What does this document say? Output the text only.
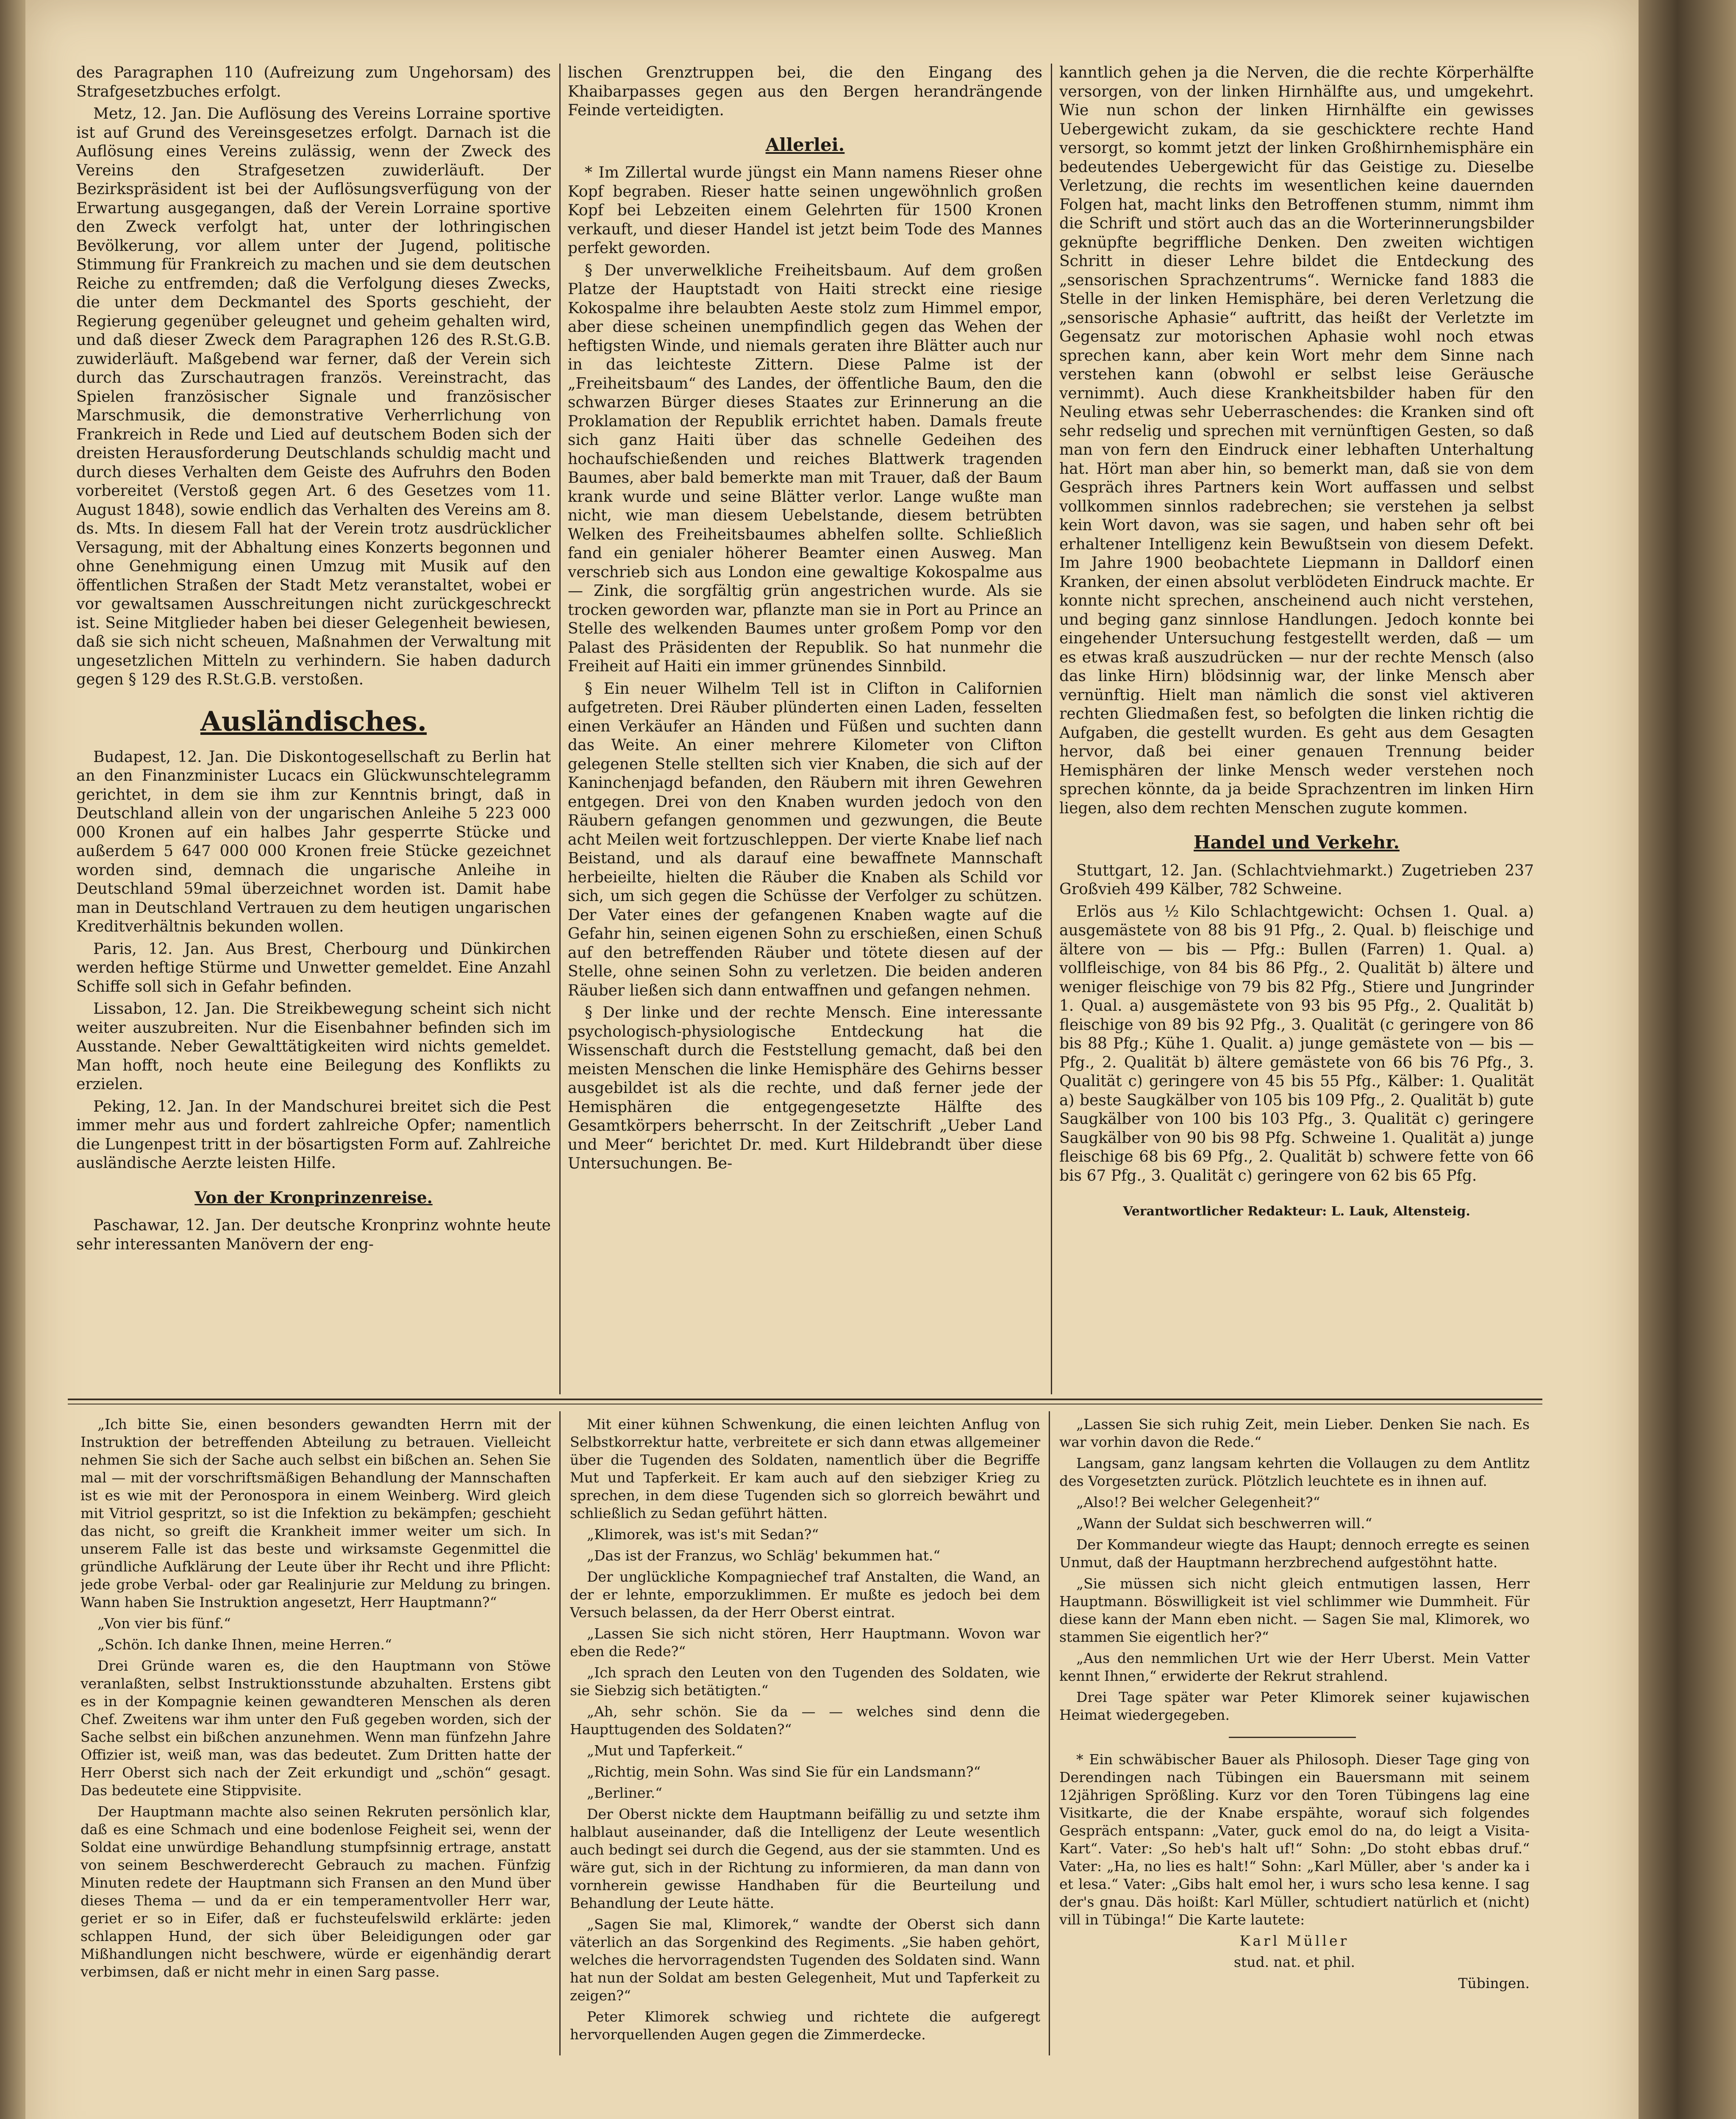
des Paragraphen 110 (Aufreizung zum Ungehorsam) des Strafgesetzbuches erfolgt.

Metz, 12. Jan. Die Auflösung des Vereins Lorraine sportive ist auf Grund des Vereinsgesetzes erfolgt. Darnach ist die Auflösung eines Vereins zulässig, wenn der Zweck des Vereins den Strafgesetzen zuwiderläuft. Der Bezirkspräsident ist bei der Auflösungsverfügung von der Erwartung ausgegangen, daß der Verein Lorraine sportive den Zweck verfolgt hat, unter der lothringischen Bevölkerung, vor allem unter der Jugend, politische Stimmung für Frankreich zu machen und sie dem deutschen Reiche zu entfremden; daß die Verfolgung dieses Zwecks, die unter dem Deckmantel des Sports geschieht, der Regierung gegenüber geleugnet und geheim gehalten wird, und daß dieser Zweck dem Paragraphen 126 des R.St.G.B. zuwiderläuft. Maßgebend war ferner, daß der Verein sich durch das Zurschautragen französ. Vereinstracht, das Spielen französischer Signale und französischer Marschmusik, die demonstrative Verherrlichung von Frankreich in Rede und Lied auf deutschem Boden sich der dreisten Herausforderung Deutschlands schuldig macht und durch dieses Verhalten dem Geiste des Aufruhrs den Boden vorbereitet (Verstoß gegen Art. 6 des Gesetzes vom 11. August 1848), sowie endlich das Verhalten des Vereins am 8. ds. Mts. In diesem Fall hat der Verein trotz ausdrücklicher Versagung, mit der Abhaltung eines Konzerts begonnen und ohne Genehmigung einen Umzug mit Musik auf den öffentlichen Straßen der Stadt Metz veranstaltet, wobei er vor gewaltsamen Ausschreitungen nicht zurückgeschreckt ist. Seine Mitglieder haben bei dieser Gelegenheit bewiesen, daß sie sich nicht scheuen, Maßnahmen der Verwaltung mit ungesetzlichen Mitteln zu verhindern. Sie haben dadurch gegen § 129 des R.St.G.B. verstoßen.

Ausländisches.

Budapest, 12. Jan. Die Diskontogesellschaft zu Berlin hat an den Finanzminister Lucacs ein Glückwunschtelegramm gerichtet, in dem sie ihm zur Kenntnis bringt, daß in Deutschland allein von der ungarischen Anleihe 5 223 000 000 Kronen auf ein halbes Jahr gesperrte Stücke und außerdem 5 647 000 000 Kronen freie Stücke gezeichnet worden sind, demnach die ungarische Anleihe in Deutschland 59mal überzeichnet worden ist. Damit habe man in Deutschland Vertrauen zu dem heutigen ungarischen Kreditverhältnis bekunden wollen.

Paris, 12. Jan. Aus Brest, Cherbourg und Dünkirchen werden heftige Stürme und Unwetter gemeldet. Eine Anzahl Schiffe soll sich in Gefahr befinden.

Lissabon, 12. Jan. Die Streikbewegung scheint sich nicht weiter auszubreiten. Nur die Eisenbahner befinden sich im Ausstande. Neber Gewalttätigkeiten wird nichts gemeldet. Man hofft, noch heute eine Beilegung des Konflikts zu erzielen.

Peking, 12. Jan. In der Mandschurei breitet sich die Pest immer mehr aus und fordert zahlreiche Opfer; namentlich die Lungenpest tritt in der bösartigsten Form auf. Zahlreiche ausländische Aerzte leisten Hilfe.

Von der Kronprinzenreise.

Paschawar, 12. Jan. Der deutsche Kronprinz wohnte heute sehr interessanten Manövern der eng-

lischen Grenztruppen bei, die den Eingang des Khaibarpasses gegen aus den Bergen herandrängende Feinde verteidigten.

Allerlei.

* Im Zillertal wurde jüngst ein Mann namens Rieser ohne Kopf begraben. Rieser hatte seinen ungewöhnlich großen Kopf bei Lebzeiten einem Gelehrten für 1500 Kronen verkauft, und dieser Handel ist jetzt beim Tode des Mannes perfekt geworden.

§ Der unverwelkliche Freiheitsbaum. Auf dem großen Platze der Hauptstadt von Haiti streckt eine riesige Kokospalme ihre belaubten Aeste stolz zum Himmel empor, aber diese scheinen unempfindlich gegen das Wehen der heftigsten Winde, und niemals geraten ihre Blätter auch nur in das leichteste Zittern. Diese Palme ist der „Freiheitsbaum“ des Landes, der öffentliche Baum, den die schwarzen Bürger dieses Staates zur Erinnerung an die Proklamation der Republik errichtet haben. Damals freute sich ganz Haiti über das schnelle Gedeihen des hochaufschießenden und reiches Blattwerk tragenden Baumes, aber bald bemerkte man mit Trauer, daß der Baum krank wurde und seine Blätter verlor. Lange wußte man nicht, wie man diesem Uebelstande, diesem betrübten Welken des Freiheitsbaumes abhelfen sollte. Schließlich fand ein genialer höherer Beamter einen Ausweg. Man verschrieb sich aus London eine gewaltige Kokospalme aus — Zink, die sorgfältig grün angestrichen wurde. Als sie trocken geworden war, pflanzte man sie in Port au Prince an Stelle des welkenden Baumes unter großem Pomp vor den Palast des Präsidenten der Republik. So hat nunmehr die Freiheit auf Haiti ein immer grünendes Sinnbild.

§ Ein neuer Wilhelm Tell ist in Clifton in Californien aufgetreten. Drei Räuber plünderten einen Laden, fesselten einen Verkäufer an Händen und Füßen und suchten dann das Weite. An einer mehrere Kilometer von Clifton gelegenen Stelle stellten sich vier Knaben, die sich auf der Kaninchenjagd befanden, den Räubern mit ihren Gewehren entgegen. Drei von den Knaben wurden jedoch von den Räubern gefangen genommen und gezwungen, die Beute acht Meilen weit fortzuschleppen. Der vierte Knabe lief nach Beistand, und als darauf eine bewaffnete Mannschaft herbeieilte, hielten die Räuber die Knaben als Schild vor sich, um sich gegen die Schüsse der Verfolger zu schützen. Der Vater eines der gefangenen Knaben wagte auf die Gefahr hin, seinen eigenen Sohn zu erschießen, einen Schuß auf den betreffenden Räuber und tötete diesen auf der Stelle, ohne seinen Sohn zu verletzen. Die beiden anderen Räuber ließen sich dann entwaffnen und gefangen nehmen.

§ Der linke und der rechte Mensch. Eine interessante psychologisch-physiologische Entdeckung hat die Wissenschaft durch die Feststellung gemacht, daß bei den meisten Menschen die linke Hemisphäre des Gehirns besser ausgebildet ist als die rechte, und daß ferner jede der Hemisphären die entgegengesetzte Hälfte des Gesamtkörpers beherrscht. In der Zeitschrift „Ueber Land und Meer“ berichtet Dr. med. Kurt Hildebrandt über diese Untersuchungen. Be-

kanntlich gehen ja die Nerven, die die rechte Körperhälfte versorgen, von der linken Hirnhälfte aus, und umgekehrt. Wie nun schon der linken Hirnhälfte ein gewisses Uebergewicht zukam, da sie geschicktere rechte Hand versorgt, so kommt jetzt der linken Großhirnhemisphäre ein bedeutendes Uebergewicht für das Geistige zu. Dieselbe Verletzung, die rechts im wesentlichen keine dauernden Folgen hat, macht links den Betroffenen stumm, nimmt ihm die Schrift und stört auch das an die Worterinnerungsbilder geknüpfte begriffliche Denken. Den zweiten wichtigen Schritt in dieser Lehre bildet die Entdeckung des „sensorischen Sprachzentrums“. Wernicke fand 1883 die Stelle in der linken Hemisphäre, bei deren Verletzung die „sensorische Aphasie“ auftritt, das heißt der Verletzte im Gegensatz zur motorischen Aphasie wohl noch etwas sprechen kann, aber kein Wort mehr dem Sinne nach verstehen kann (obwohl er selbst leise Geräusche vernimmt). Auch diese Krankheitsbilder haben für den Neuling etwas sehr Ueberraschendes: die Kranken sind oft sehr redselig und sprechen mit vernünftigen Gesten, so daß man von fern den Eindruck einer lebhaften Unterhaltung hat. Hört man aber hin, so bemerkt man, daß sie von dem Gespräch ihres Partners kein Wort auffassen und selbst vollkommen sinnlos radebrechen; sie verstehen ja selbst kein Wort davon, was sie sagen, und haben sehr oft bei erhaltener Intelligenz kein Bewußtsein von diesem Defekt. Im Jahre 1900 beobachtete Liepmann in Dalldorf einen Kranken, der einen absolut verblödeten Eindruck machte. Er konnte nicht sprechen, anscheinend auch nicht verstehen, und beging ganz sinnlose Handlungen. Jedoch konnte bei eingehender Untersuchung festgestellt werden, daß — um es etwas kraß auszudrücken — nur der rechte Mensch (also das linke Hirn) blödsinnig war, der linke Mensch aber vernünftig. Hielt man nämlich die sonst viel aktiveren rechten Gliedmaßen fest, so befolgten die linken richtig die Aufgaben, die gestellt wurden. Es geht aus dem Gesagten hervor, daß bei einer genauen Trennung beider Hemisphären der linke Mensch weder verstehen noch sprechen könnte, da ja beide Sprachzentren im linken Hirn liegen, also dem rechten Menschen zugute kommen.

Handel und Verkehr.

Stuttgart, 12. Jan. (Schlachtviehmarkt.) Zugetrieben 237 Großvieh 499 Kälber, 782 Schweine.

Erlös aus ½ Kilo Schlachtgewicht: Ochsen 1. Qual. a) ausgemästete von 88 bis 91 Pfg., 2. Qual. b) fleischige und ältere von — bis — Pfg.: Bullen (Farren) 1. Qual. a) vollfleischige, von 84 bis 86 Pfg., 2. Qualität b) ältere und weniger fleischige von 79 bis 82 Pfg., Stiere und Jungrinder 1. Qual. a) ausgemästete von 93 bis 95 Pfg., 2. Qualität b) fleischige von 89 bis 92 Pfg., 3. Qualität (c geringere von 86 bis 88 Pfg.; Kühe 1. Qualit. a) junge gemästete von — bis — Pfg., 2. Qualität b) ältere gemästete von 66 bis 76 Pfg., 3. Qualität c) geringere von 45 bis 55 Pfg., Kälber: 1. Qualität a) beste Saugkälber von 105 bis 109 Pfg., 2. Qualität b) gute Saugkälber von 100 bis 103 Pfg., 3. Qualität c) geringere Saugkälber von 90 bis 98 Pfg. Schweine 1. Qualität a) junge fleischige 68 bis 69 Pfg., 2. Qualität b) schwere fette von 66 bis 67 Pfg., 3. Qualität c) geringere von 62 bis 65 Pfg.

Verantwortlicher Redakteur: L. Lauk, Altensteig.

„Ich bitte Sie, einen besonders gewandten Herrn mit der Instruktion der betreffenden Abteilung zu betrauen. Vielleicht nehmen Sie sich der Sache auch selbst ein bißchen an. Sehen Sie mal — mit der vorschriftsmäßigen Behandlung der Mannschaften ist es wie mit der Peronospora in einem Weinberg. Wird gleich mit Vitriol gespritzt, so ist die Infektion zu bekämpfen; geschieht das nicht, so greift die Krankheit immer weiter um sich. In unserem Falle ist das beste und wirksamste Gegenmittel die gründliche Aufklärung der Leute über ihr Recht und ihre Pflicht: jede grobe Verbal- oder gar Realinjurie zur Meldung zu bringen. Wann haben Sie Instruktion angesetzt, Herr Hauptmann?“

„Von vier bis fünf.“

„Schön. Ich danke Ihnen, meine Herren.“

Drei Gründe waren es, die den Hauptmann von Stöwe veranlaßten, selbst Instruktionsstunde abzuhalten. Erstens gibt es in der Kompagnie keinen gewandteren Menschen als deren Chef. Zweitens war ihm unter den Fuß gegeben worden, sich der Sache selbst ein bißchen anzunehmen. Wenn man fünfzehn Jahre Offizier ist, weiß man, was das bedeutet. Zum Dritten hatte der Herr Oberst sich nach der Zeit erkundigt und „schön“ gesagt. Das bedeutete eine Stippvisite.

Der Hauptmann machte also seinen Rekruten persönlich klar, daß es eine Schmach und eine bodenlose Feigheit sei, wenn der Soldat eine unwürdige Behandlung stumpfsinnig ertrage, anstatt von seinem Beschwerderecht Gebrauch zu machen. Fünfzig Minuten redete der Hauptmann sich Fransen an den Mund über dieses Thema — und da er ein temperamentvoller Herr war, geriet er so in Eifer, daß er fuchsteufelswild erklärte: jeden schlappen Hund, der sich über Beleidigungen oder gar Mißhandlungen nicht beschwere, würde er eigenhändig derart verbimsen, daß er nicht mehr in einen Sarg passe.

Mit einer kühnen Schwenkung, die einen leichten Anflug von Selbstkorrektur hatte, verbreitete er sich dann etwas allgemeiner über die Tugenden des Soldaten, namentlich über die Begriffe Mut und Tapferkeit. Er kam auch auf den siebziger Krieg zu sprechen, in dem diese Tugenden sich so glorreich bewährt und schließlich zu Sedan geführt hätten.

„Klimorek, was ist's mit Sedan?“

„Das ist der Franzus, wo Schläg' bekummen hat.“

Der unglückliche Kompagniechef traf Anstalten, die Wand, an der er lehnte, emporzuklimmen. Er mußte es jedoch bei dem Versuch belassen, da der Herr Oberst eintrat.

„Lassen Sie sich nicht stören, Herr Hauptmann. Wovon war eben die Rede?“

„Ich sprach den Leuten von den Tugenden des Soldaten, wie sie Siebzig sich betätigten.“

„Ah, sehr schön. Sie da — — welches sind denn die Haupttugenden des Soldaten?“

„Mut und Tapferkeit.“

„Richtig, mein Sohn. Was sind Sie für ein Landsmann?“

„Berliner.“

Der Oberst nickte dem Hauptmann beifällig zu und setzte ihm halblaut auseinander, daß die Intelligenz der Leute wesentlich auch bedingt sei durch die Gegend, aus der sie stammten. Und es wäre gut, sich in der Richtung zu informieren, da man dann von vornherein gewisse Handhaben für die Beurteilung und Behandlung der Leute hätte.

„Sagen Sie mal, Klimorek,“ wandte der Oberst sich dann väterlich an das Sorgenkind des Regiments. „Sie haben gehört, welches die hervorragendsten Tugenden des Soldaten sind. Wann hat nun der Soldat am besten Gelegenheit, Mut und Tapferkeit zu zeigen?“

Peter Klimorek schwieg und richtete die aufgeregt hervorquellenden Augen gegen die Zimmerdecke.

„Lassen Sie sich ruhig Zeit, mein Lieber. Denken Sie nach. Es war vorhin davon die Rede.“

Langsam, ganz langsam kehrten die Vollaugen zu dem Antlitz des Vorgesetzten zurück. Plötzlich leuchtete es in ihnen auf.

„Also!? Bei welcher Gelegenheit?“

„Wann der Suldat sich beschwerren will.“

Der Kommandeur wiegte das Haupt; dennoch erregte es seinen Unmut, daß der Hauptmann herzbrechend aufgestöhnt hatte.

„Sie müssen sich nicht gleich entmutigen lassen, Herr Hauptmann. Böswilligkeit ist viel schlimmer wie Dummheit. Für diese kann der Mann eben nicht. — Sagen Sie mal, Klimorek, wo stammen Sie eigentlich her?“

„Aus den nemmlichen Urt wie der Herr Uberst. Mein Vatter kennt Ihnen,“ erwiderte der Rekrut strahlend.

Drei Tage später war Peter Klimorek seiner kujawischen Heimat wiedergegeben.

* Ein schwäbischer Bauer als Philosoph. Dieser Tage ging von Derendingen nach Tübingen ein Bauersmann mit seinem 12jährigen Sprößling. Kurz vor den Toren Tübingens lag eine Visitkarte, die der Knabe erspähte, worauf sich folgendes Gespräch entspann: „Vater, guck emol do na, do leigt a Visita-Kart“. Vater: „So heb's halt uf!“ Sohn: „Do stoht ebbas druf.“ Vater: „Ha, no lies es halt!“ Sohn: „Karl Müller, aber 's ander ka i et lesa.“ Vater: „Gibs halt emol her, i wurs scho lesa kenne. I sag der's gnau. Däs hoißt: Karl Müller, schtudiert natürlich et (nicht) vill in Tübinga!“ Die Karte lautete:

Karl Müller

stud. nat. et phil.

Tübingen.
